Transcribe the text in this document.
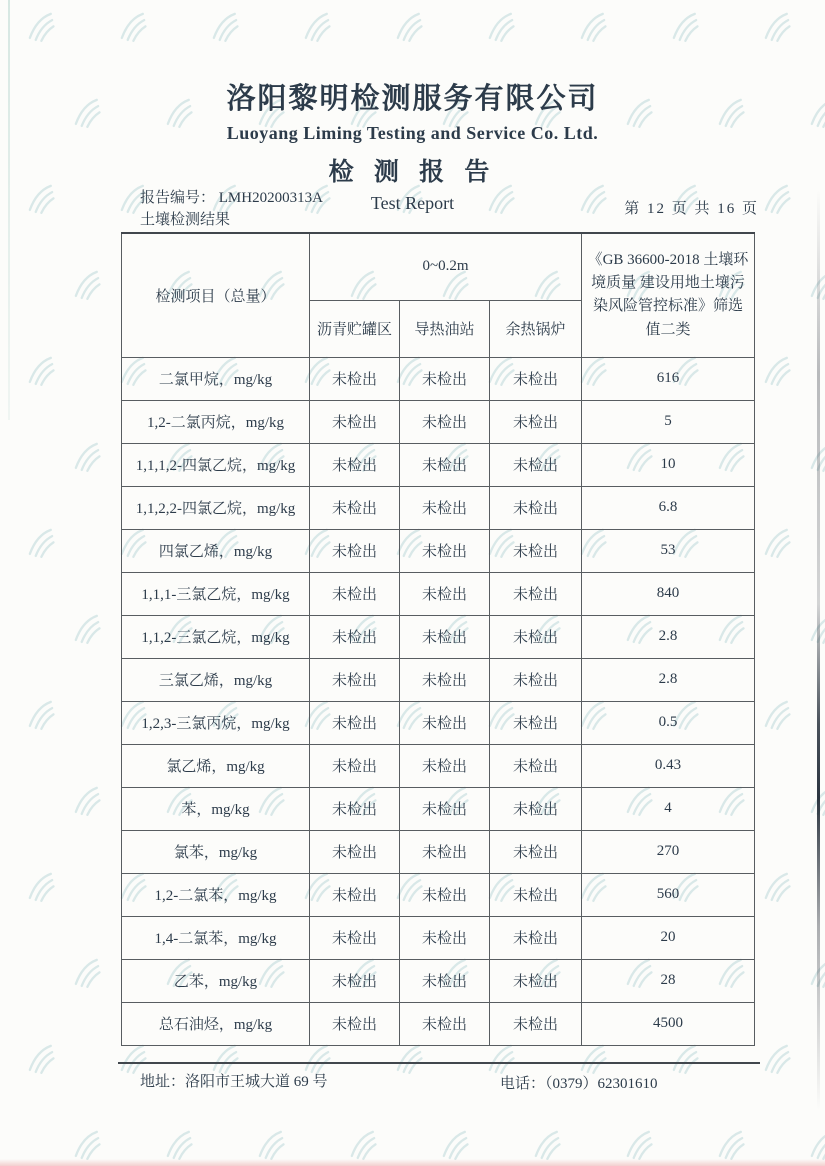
洛阳黎明检测服务有限公司
Luoyang Liming Testing and Service Co. Ltd.
检 测 报 告
Test Report
报告编号： LMH20200313A
土壤检测结果
第 12 页 共 16 页
检测项目（总量）	0~0.2m			《GB 36600-2018 土壤环境质量 建设用地土壤污染风险管控标准》筛选值二类
	沥青贮罐区	导热油站	余热锅炉	
二氯甲烷，mg/kg	未检出	未检出	未检出	616
1,2-二氯丙烷，mg/kg	未检出	未检出	未检出	5
1,1,1,2-四氯乙烷，mg/kg	未检出	未检出	未检出	10
1,1,2,2-四氯乙烷，mg/kg	未检出	未检出	未检出	6.8
四氯乙烯，mg/kg	未检出	未检出	未检出	53
1,1,1-三氯乙烷，mg/kg	未检出	未检出	未检出	840
1,1,2-三氯乙烷，mg/kg	未检出	未检出	未检出	2.8
三氯乙烯，mg/kg	未检出	未检出	未检出	2.8
1,2,3-三氯丙烷，mg/kg	未检出	未检出	未检出	0.5
氯乙烯，mg/kg	未检出	未检出	未检出	0.43
苯，mg/kg	未检出	未检出	未检出	4
氯苯，mg/kg	未检出	未检出	未检出	270
1,2-二氯苯，mg/kg	未检出	未检出	未检出	560
1,4-二氯苯，mg/kg	未检出	未检出	未检出	20
乙苯，mg/kg	未检出	未检出	未检出	28
总石油烃，mg/kg	未检出	未检出	未检出	4500
地址：洛阳市王城大道 69 号	电话：（0379）62301610
